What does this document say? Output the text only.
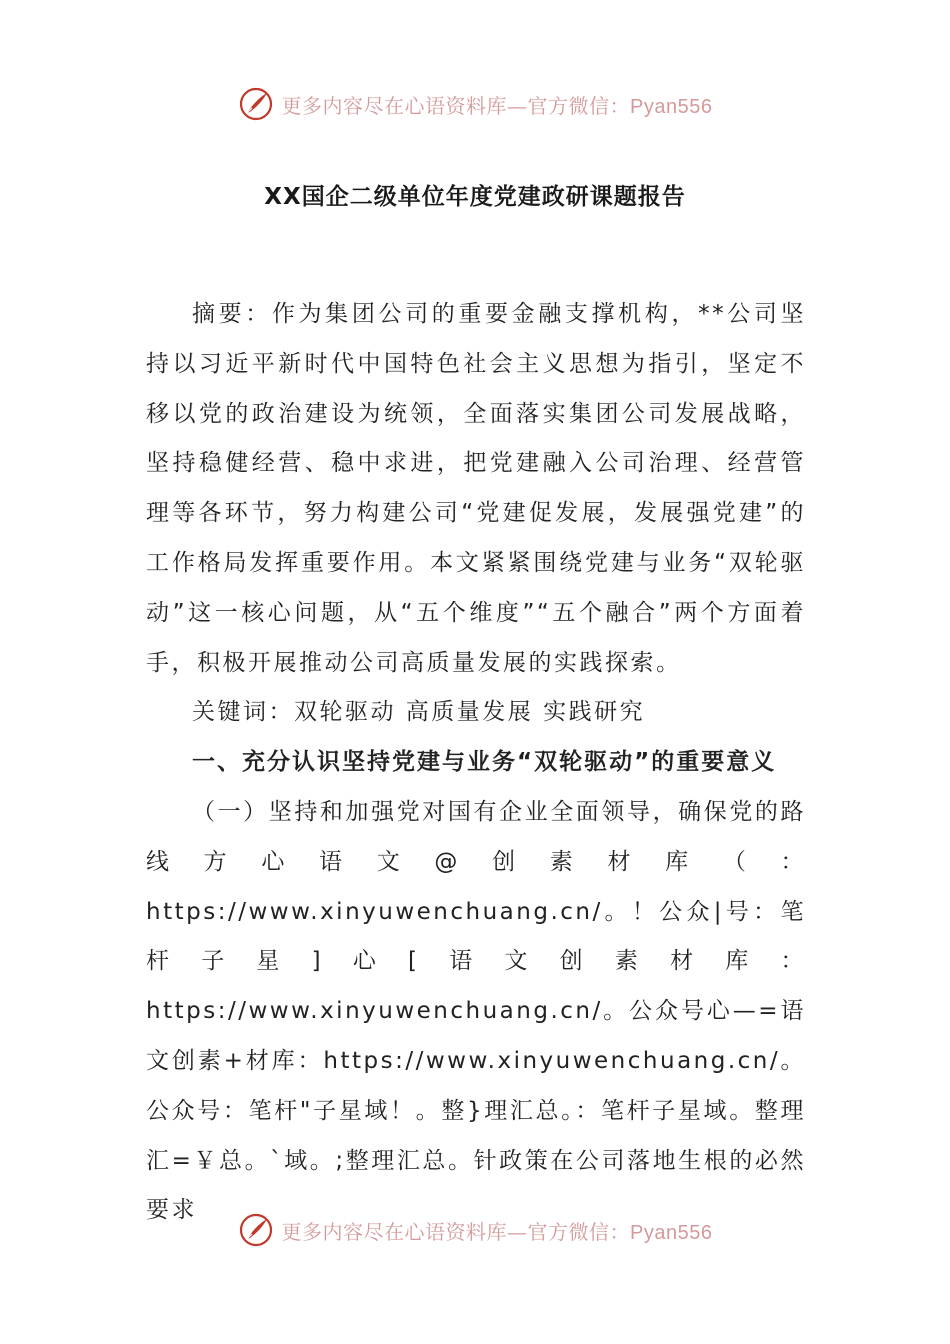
更多内容尽在心语资料库—官方微信：Pyan556
XX国企二级单位年度党建政研课题报告

摘要：作为集团公司的重要金融支撑机构，**公司坚持以习近平新时代中国特色社会主义思想为指引，坚定不移以党的政治建设为统领，全面落实集团公司发展战略，坚持稳健经营、稳中求进，把党建融入公司治理、经营管理等各环节，努力构建公司“党建促发展，发展强党建”的工作格局发挥重要作用。本文紧紧围绕党建与业务“双轮驱动”这一核心问题，从“五个维度”“五个融合”两个方面着手，积极开展推动公司高质量发展的实践探索。

关键词：双轮驱动 高质量发展 实践研究

一、充分认识坚持党建与业务“双轮驱动”的重要意义

（一）坚持和加强党对国有企业全面领导，确保党的路线方心语文@创素材库（：https://www.xinyuwenchuang.cn/。！公众|号：笔杆子星]心[语文创素材库：https://www.xinyuwenchuang.cn/。公众号心—=语文创素+材库：https://www.xinyuwenchuang.cn/。公众号：笔杆"子星域！。整}理汇总。：笔杆子星域。整理汇=￥总。`域。;整理汇总。针政策在公司落地生根的必然要求

更多内容尽在心语资料库—官方微信：Pyan556
